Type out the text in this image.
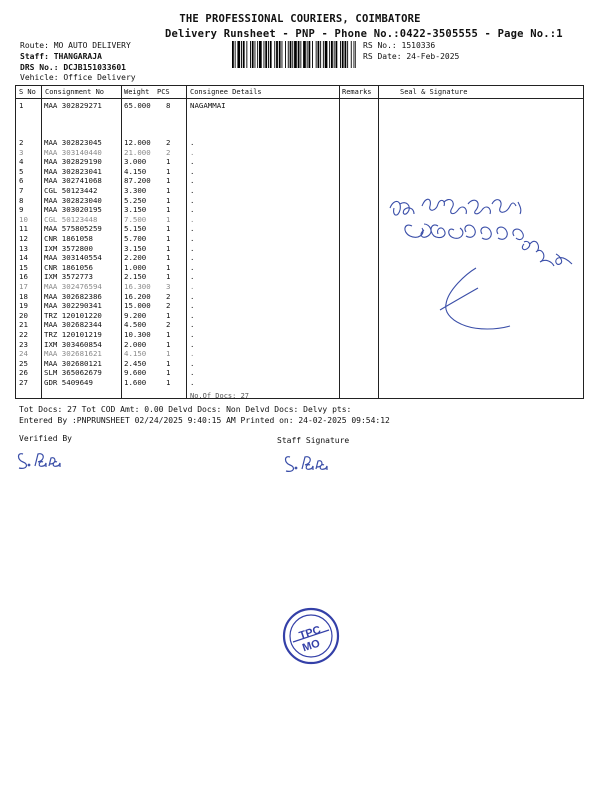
THE PROFESSIONAL COURIERS, COIMBATORE
Delivery Runsheet - PNP - Phone No.:0422-3505555 - Page No.:1
Route: MO AUTO DELIVERY
Staff: THANGARAJA
DRS No.: DCJB151033601
Vehicle: Office Delivery
RS No.: 1510336
RS Date: 24-Feb-2025
S No Consignment No	Weight PCS	Consignee Details	Remarks	Seal & Signature
1	MAA 302829271	65.000 8	NAGAMMAI
2	MAA 302823045	12.000 2	.
3	MAA 303140440	21.000 2	.
4	MAA 302829190	3.000	1	.
5	MAA 302823041	4.150	1	.
6	MAA 302741068	87.200 1	.
7	CGL 50123442	3.300	1	.
8	MAA 302823040	5.250	1	.
9	MAA 303020195	3.150	1	.
10 CGL 50123448	7.500	1	.
11 MAA 575805259	5.150	1	.
12 CNR 1861058	5.700	1	.
13 IXM 3572800	3.150	1	.
14 MAA 303140554	2.200	1	.
15 CNR 1861056	1.000	1	.
16 IXM 3572773	2.150	1	.
17 MAA 302476594	16.300 3	.
18 MAA 302682386	16.200 2	.
19 MAA 302290341	15.000 2	.
20 TRZ 120101220	9.200	1	.
21 MAA 302682344	4.500	2	.
22 TRZ 120101219	10.300 1	.
23 IXM 303460854	2.000	1	.
24 MAA 302681621	4.150	1	.
25 MAA 302680121	2.450	1	.
26 SLM 365062679	9.600	1	.
27 GDR 5409649	1.600	1	.
No.Of Docs: 27
Tot Docs: 27 Tot COD Amt: 0.00 Delvd Docs: Non Delvd Docs: Delvy pts:
Entered By :PNPRUNSHEET 02/24/2025 9:40:15 AM Printed on: 24-02-2025 09:54:12
Verified By	Staff Signature
TPC
MO
